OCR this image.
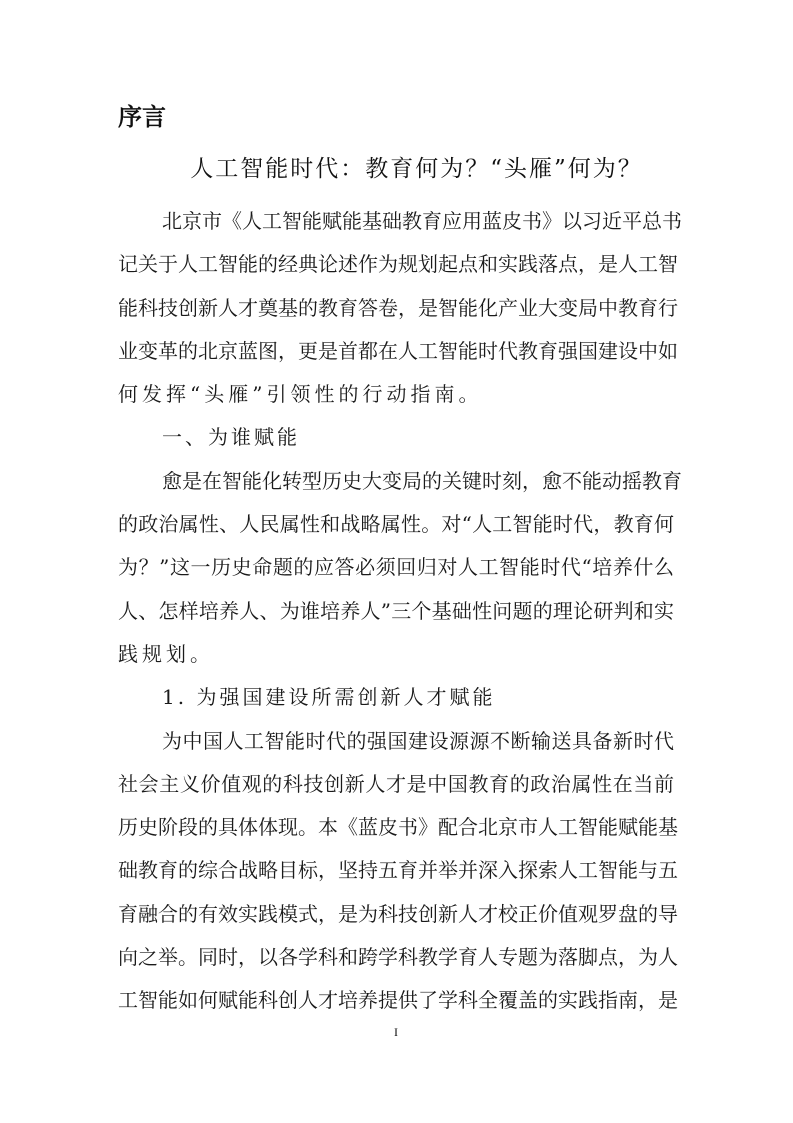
序言
人工智能时代：教育何为？“头雁”何为？
北京市《人工智能赋能基础教育应用蓝皮书》以习近平总书
记关于人工智能的经典论述作为规划起点和实践落点，是人工智
能科技创新人才奠基的教育答卷，是智能化产业大变局中教育行
业变革的北京蓝图，更是首都在人工智能时代教育强国建设中如
何发挥“头雁”引领性的行动指南。
一、为谁赋能
愈是在智能化转型历史大变局的关键时刻，愈不能动摇教育
的政治属性、人民属性和战略属性。对“人工智能时代，教育何
为？”这一历史命题的应答必须回归对人工智能时代“培养什么
人、怎样培养人、为谁培养人”三个基础性问题的理论研判和实
践规划。
1. 为强国建设所需创新人才赋能
为中国人工智能时代的强国建设源源不断输送具备新时代
社会主义价值观的科技创新人才是中国教育的政治属性在当前
历史阶段的具体体现。本《蓝皮书》配合北京市人工智能赋能基
础教育的综合战略目标，坚持五育并举并深入探索人工智能与五
育融合的有效实践模式，是为科技创新人才校正价值观罗盘的导
向之举。同时，以各学科和跨学科教学育人专题为落脚点，为人
工智能如何赋能科创人才培养提供了学科全覆盖的实践指南，是
I
